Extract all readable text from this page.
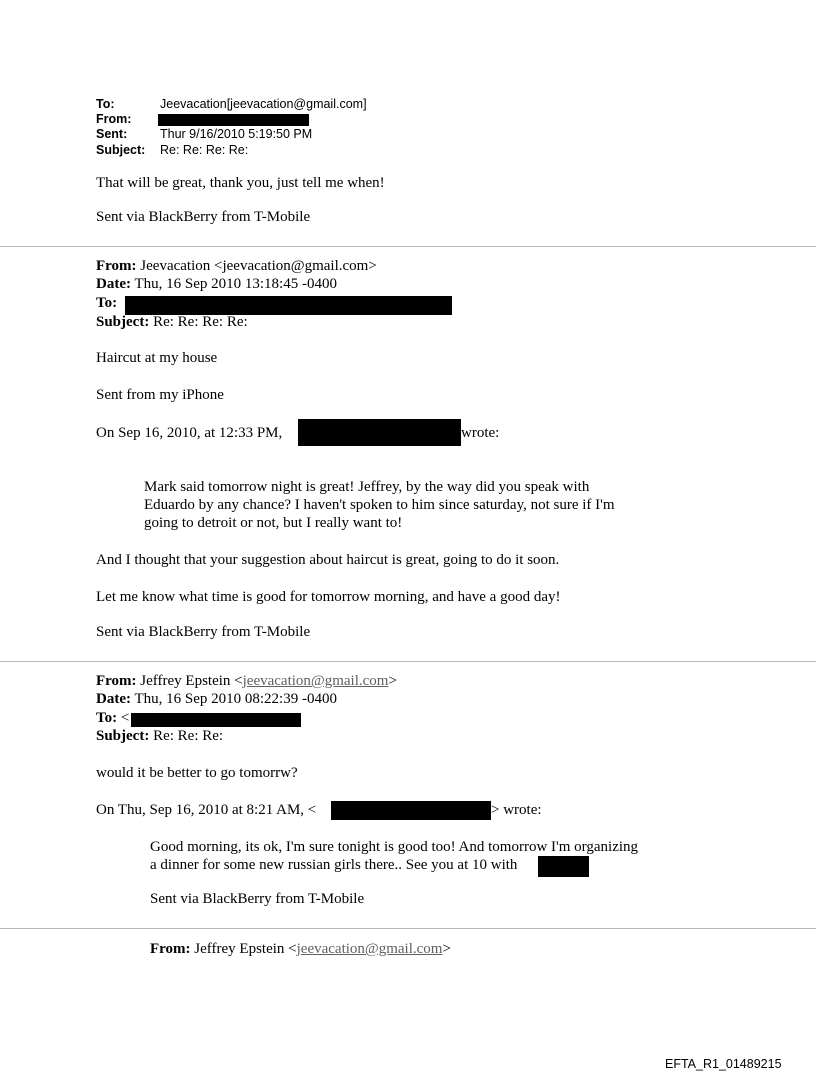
To:	Jeevacation[jeevacation@gmail.com]
From:
Sent:	Thur 9/16/2010 5:19:50 PM
Subject: Re: Re: Re: Re:
That will be great, thank you, just tell me when!
Sent via BlackBerry from T-Mobile
From: Jeevacation <jeevacation@gmail.com>
Date: Thu, 16 Sep 2010 13:18:45 -0400
To:
Subject: Re: Re: Re: Re:
Haircut at my house
Sent from my iPhone
On Sep 16, 2010, at 12:33 PM,	wrote:
Mark said tomorrow night is great! Jeffrey, by the way did you speak with
Eduardo by any chance? I haven't spoken to him since saturday, not sure if I'm
going to detroit or not, but I really want to!
And I thought that your suggestion about haircut is great, going to do it soon.
Let me know what time is good for tomorrow morning, and have a good day!
Sent via BlackBerry from T-Mobile
From: Jeffrey Epstein <jeevacation@gmail.com>
Date: Thu, 16 Sep 2010 08:22:39 -0400
To: <
Subject: Re: Re: Re:
would it be better to go tomorrw?
On Thu, Sep 16, 2010 at 8:21 AM, <	> wrote:
Good morning, its ok, I'm sure tonight is good too! And tomorrow I'm organizing
a dinner for some new russian girls there.. See you at 10 with
Sent via BlackBerry from T-Mobile
From: Jeffrey Epstein <jeevacation@gmail.com>
EFTA_R1_01489215
